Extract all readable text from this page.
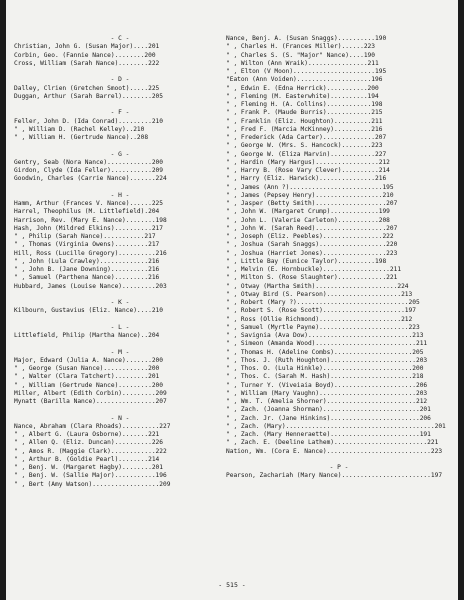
- C -
Christian, John G. (Susan Major)....201
Corbin, Geo. (Fannie Nance)........200
Cross, William (Sarah Nance)........222
- D -
Dalley, Clrien (Gretchen Smoot).....225
Duggan, Arthur (Sarah Barrel)........205
- F -
Feller, John D. (Ida Conrad).........210
" , William D. (Rachel Kelley)..210
" , William H. (Gertrude Nance)..208
- G -
Gentry, Seab (Nora Nance)............200
Girdon, Clyde (Ida Feller)...........209
Goodwin, Charles (Carrie Nance).......224
- H -
Hamm, Arthur (Frances V. Nance)......225
Harrel, Theophilus (M. Littlefield).204
Harrison, Rev. (Mary E. Nance)........198
Hash, John (Mildred Elkins)..........217
" , Philip (Sarah Nance)...........217
" , Thomas (Virginia Owens).........217
Hill, Ross (Lucille Gregory)..........216
" , John (Lula Crawley).............216
" , John B. (Jane Downing)..........216
" , Samuel (Parthena Nance).........216
Hubbard, James (Louise Nance).........203
- K -
Kilbourn, Gustavius (Eliz. Nance)....210
- L -
Littlefield, Philip (Martha Nance)..204
- M -
Major, Edward (Julia A. Nance).......200
" , George (Susan Nance)............200
" , Walter (Clara Tatchert).........201
" , William (Gertrude Nance).........200
Miller, Albert (Edith Corbin).........209
Mynatt (Barilla Nance)................207
- N -
Nance, Abraham (Clara Rhoads)..........227
" , Albert G. (Laura Osborne).......221
" , Allen Q. (Eliz. Duncan)..........226
" , Amos R. (Maggie Clark)............222
" , Arthur B. (Goldie Pearl)........214
" , Benj. W. (Margaret Hagby)........201
" , Benj. W. (Sallie Major)...........196
" , Bert (Amy Watson)..................209
Nance, Benj. A. (Susan Snaggs)..........190
" , Charles H. (Frances Miller)......223
" , Charles S. (S. "Major" Nance)....190
" , Wilton (Ann Wraik)................211
" , Elton (V Moon)......................195
"Eaton (Ann Voiden)....................196
" , Edwin E. (Edna Herrick)...........200
" , Fleming (M. Easterwhite)..........194
" , Fleming H. (A. Collins)............198
" , Frank P. (Maude Burris)............215
" , Franklin (Eliz. Houghton)..........211
" , Fred F. (Marcia McKinney)..........216
" , Frederick (Ada Carter)..............207
" , George W. (Mrs. S. Hancock)........223
" , George W. (Eliza Marvin)............227
" , Hardin (Mary Hargus).................212
" , Harry B. (Rose Vary Clever)..........214
" , Harry (Eliz. Harwick)...............216
" , James (Ann ?).........................195
" , James (Pepsey Henry)..................210
" , Jasper (Betty Smith)...................207
" , John W. (Margaret Crump).............199
" , John L. (Valerie Carleton)...........208
" , John W. (Sarah Reed)...................207
" , Joseph (Eliz. Peebles)................222
" , Joshua (Sarah Snaggs)..................220
" , Joshua (Harriet Jones).................223
" , Little Bay (Eunice Taylor)..........198
" , Melvin (E. Hornbuckle)..................211
" , Milton S. (Rose Slaughter).............221
" , Otway (Martha Smith)......................224
" , Otway Bird (S. Pearson)....................213
" , Robert (Mary ?)..............................205
" , Robert S. (Rose Scott)......................197
" , Ross (Ollie Richmond)......................212
" , Samuel (Myrtle Payne)........................223
" , Savignia (Ava Dow)............................213
" , Simeon (Amanda Wood)...........................211
" , Thomas H. (Adeline Combs).....................205
" , Thos. J. (Ruth Houghton).......................203
" , Thos. O. (Lula Hinkle)........................200
" , Thos. C. (Sarah M. Hash)......................218
" , Turner Y. (Viveiaia Boyd)......................206
" , William (Mary Vaughn)..........................203
" , Wm. T. (Amelia Shorner)........................212
" , Zach. (Joanna Shorman)..........................201
" , Zach. Jr. (Jane Hinkins)........................206
" , Zach. (Mary)........................................201
" , Zach. (Mary Henneraette)........................191
" , Zach. E. (Deeline Lathem).........................221
Nation, Wm. (Cora E. Nance)............................223
- P -
Pearson, Zachariah (Mary Nance)........................197
- 515 -
